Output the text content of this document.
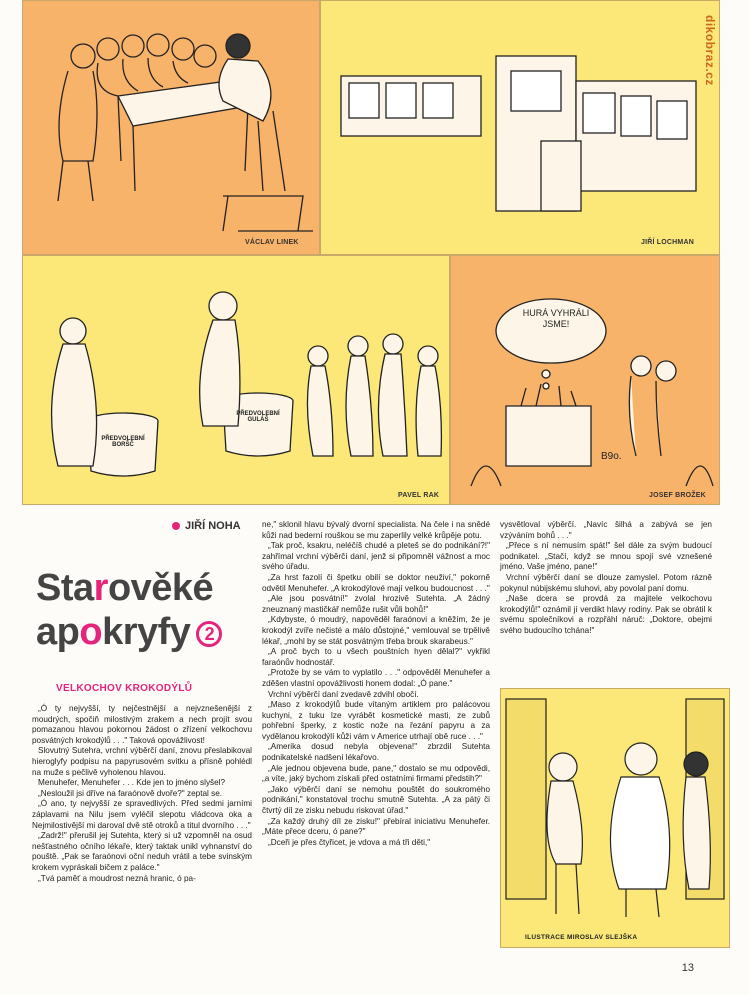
VÁCLAV LINEK	JIŘÍ LOCHMAN
dikobraz.cz
PŘEDVOLEBNÍ BORŠČ
PŘEDVOLEBNÍ GULÁŠ
PAVEL RAK
HURÁ VYHRÁLI JSME!
B9o.
JOSEF BROŽEK
JIŘÍ NOHA
Starověké
apokryfy 2
VELKOCHOV KROKODÝLŮ

„Ó ty nejvyšší, ty nejčestnější a nejvznešenější z moudrých, spočiň milostivým zrakem a nech projít svou pomazanou hlavou pokornou žádost o zřízení velkochovu posvátných krokodýlů . . ." Taková opovážlivost!

Slovutný Sutehra, vrchní výběrčí daní, znovu přeslabikoval hieroglyfy podpisu na papyrusovém svitku a přísně pohlédl na muže s pečlivě vyholenou hlavou.

Menuhefer, Menuhefer . . . Kde jen to jméno slyšel?

„Nesloužil jsi dříve na faraónově dvoře?" zeptal se.

„Ó ano, ty nejvyšší ze spravedlivých. Před sedmi jarními záplavami na Nilu jsem vyléčil slepotu vládcova oka a Nejmilostivější mi daroval dvě stě otroků a titul dvorního . . ."

„Zadrž!" přerušil jej Sutehta, který si už vzpomněl na osud nešťastného očního lékaře, který taktak unikl vyhnanství do pouště. „Pak se faraónovi oční neduh vrátil a tebe svinským krokem vypráskali bičem z paláce."

„Tvá paměť a moudrost nezná hranic, ó pa-

ne," sklonil hlavu bývalý dvorní specialista. Na čele i na snědé kůži nad bederní rouškou se mu zaperlily velké krůpěje potu.

„Tak proč, ksakru, neléčíš chudé a pleteš se do podnikání?!" zahřímal vrchní výběrčí daní, jenž si připomněl vážnost a moc svého úřadu.

„Za hrst fazolí či špetku obilí se doktor neuživí," pokorně odvětil Menuhefer. „A krokodýlové mají velkou budoucnost . . ."

„Ale jsou posvátní!" zvolal hrozivě Sutehta. „A žádný zneuznaný mastičkář nemůže rušit vůli bohů!"

„Kdybyste, ó moudrý, napověděl faraónovi a kněžím, že je krokodýl zvíře nečisté a málo důstojné," vemlouval se trpělivě lékař, „mohl by se stát posvátným třeba brouk skarabeus."

„A proč bych to u všech pouštních hyen dělal?" vykřikl faraónův hodnostář.

„Protože by se vám to vyplatilo . . ." odpověděl Menuhefer a zděšen vlastní opovážlivosti honem dodal: „Ó pane."

Vrchní výběrčí daní zvedavě zdvihl obočí.

„Maso z krokodýlů bude vítaným artiklem pro palácovou kuchyni, z tuku lze vyrábět kosmetické masti, ze zubů pohřební šperky, z kostic nože na řezání papyru a za vydělanou krokodýlí kůži vám v Americe utrhají obě ruce . . ."

„Amerika dosud nebyla objevena!" zbrzdil Sutehta podnikatelské nadšení lékařovo.

„Ale jednou objevena bude, pane," dostalo se mu odpovědi, „a víte, jaký bychom získali před ostatními firmami předstih?"

„Jako výběrčí daní se nemohu pouštět do soukromého podnikání," konstatoval trochu smutně Sutehta. „A za pátý či čtvrtý díl ze zisku nebudu riskovat úřad."

„Za každý druhý díl ze zisku!" přebíral iniciativu Menuhefer. „Máte přece dceru, ó pane?"

„Dceři je přes čtyřicet, je vdova a má tři děti,"

vysvětloval výběrčí. „Navíc šilhá a zabývá se jen vzýváním bohů . . ."

„Přece s ní nemusím spát!" šel dále za svým budoucí podnikatel. „Stačí, když se mnou spojí své vznešené jméno. Vaše jméno, pane!"

Vrchní výběrčí daní se dlouze zamyslel. Potom rázně pokynul núbijskému sluhovi, aby povolal paní domu.

„Naše dcera se provdá za majitele velkochovu krokodýlů!" oznámil jí verdikt hlavy rodiny. Pak se obrátil k svému společníkovi a rozpřáhl náruč: „Doktore, obejmi svého budoucího tchána!"

ILUSTRACE MIROSLAV SLEJŠKA
13
